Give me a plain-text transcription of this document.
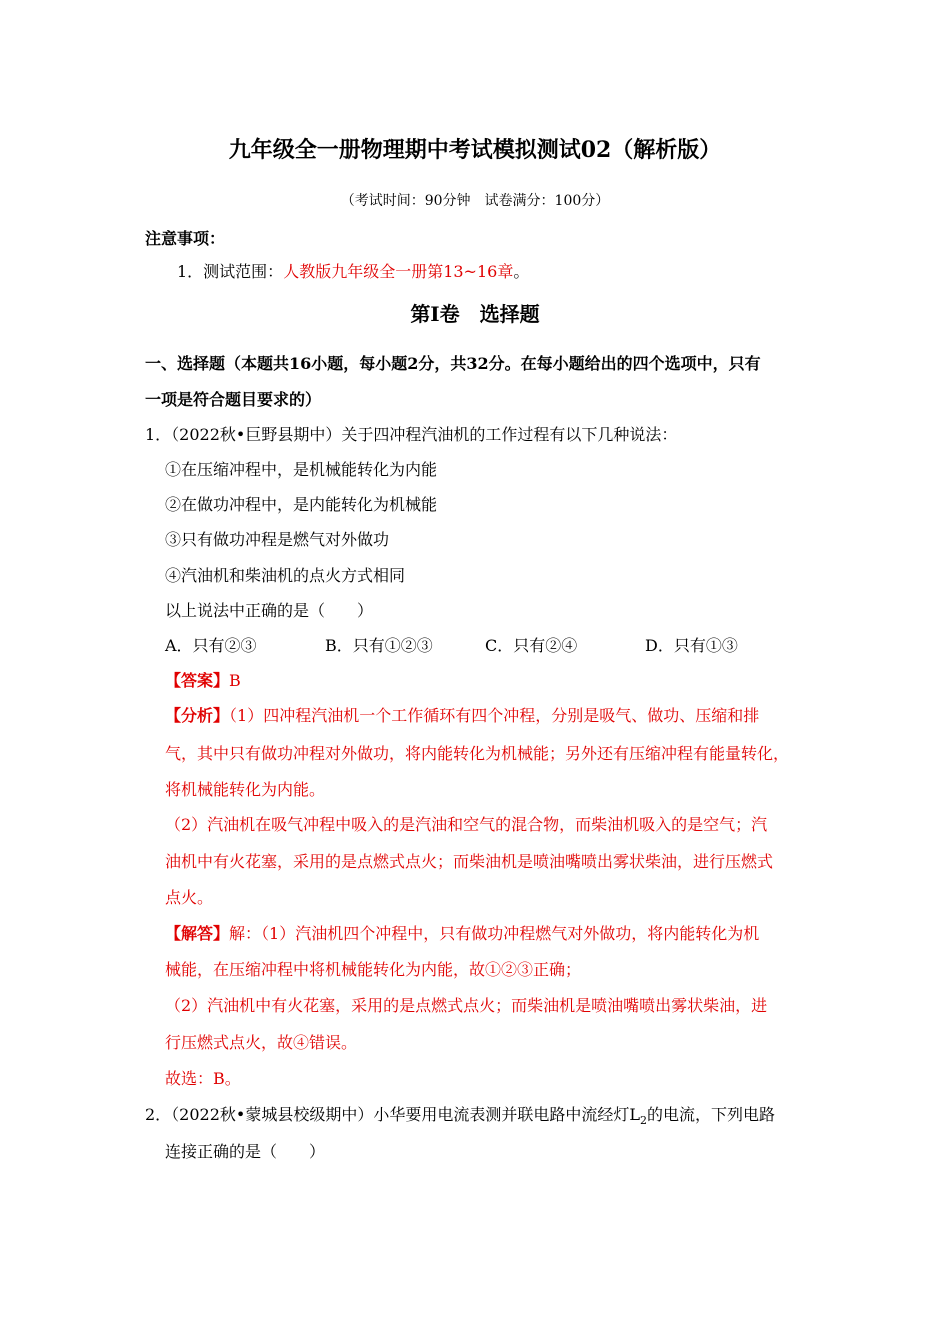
九年级全一册物理期中考试模拟测试02（解析版）
（考试时间：90分钟　试卷满分：100分）
注意事项：
1．测试范围：人教版九年级全一册第13~16章。
第Ⅰ卷　选择题
一、选择题（本题共16小题，每小题2分，共32分。在每小题给出的四个选项中，只有
一项是符合题目要求的）
1．（2022秋•巨野县期中）关于四冲程汽油机的工作过程有以下几种说法：
①在压缩冲程中，是机械能转化为内能
②在做功冲程中，是内能转化为机械能
③只有做功冲程是燃气对外做功
④汽油机和柴油机的点火方式相同
以上说法中正确的是（　　）
A．只有②③	B．只有①②③	C．只有②④	D．只有①③
【答案】B
【分析】（1）四冲程汽油机一个工作循环有四个冲程，分别是吸气、做功、压缩和排
气，其中只有做功冲程对外做功，将内能转化为机械能；另外还有压缩冲程有能量转化，
将机械能转化为内能。
（2）汽油机在吸气冲程中吸入的是汽油和空气的混合物，而柴油机吸入的是空气；汽
油机中有火花塞，采用的是点燃式点火；而柴油机是喷油嘴喷出雾状柴油，进行压燃式
点火。
【解答】解：（1）汽油机四个冲程中，只有做功冲程燃气对外做功，将内能转化为机
械能，在压缩冲程中将机械能转化为内能，故①②③正确；
（2）汽油机中有火花塞，采用的是点燃式点火；而柴油机是喷油嘴喷出雾状柴油，进
行压燃式点火，故④错误。
故选：B。
2．（2022秋•蒙城县校级期中）小华要用电流表测并联电路中流经灯$L_2$的电流，下列电路
连接正确的是（　　）
